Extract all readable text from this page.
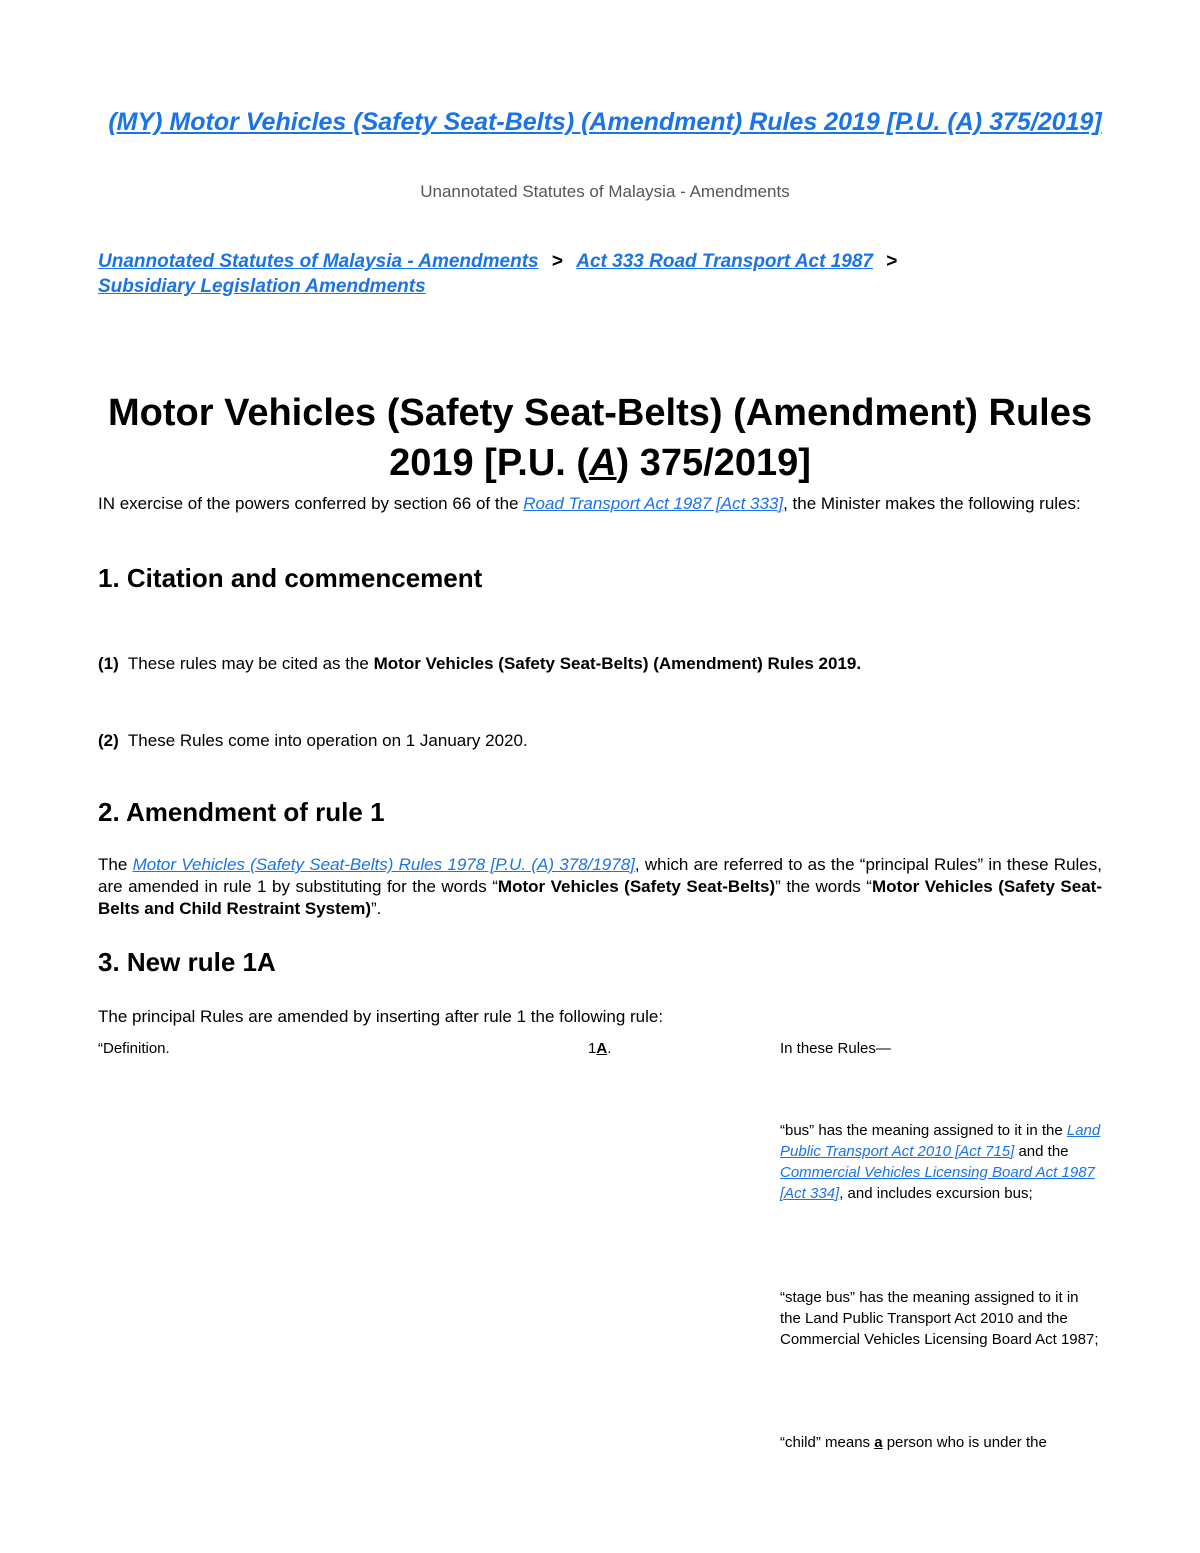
(MY) Motor Vehicles (Safety Seat-Belts) (Amendment) Rules 2019 [P.U. (A) 375/2019]
Unannotated Statutes of Malaysia - Amendments
Unannotated Statutes of Malaysia - Amendments > Act 333 Road Transport Act 1987 >
Subsidiary Legislation Amendments
Motor Vehicles (Safety Seat-Belts) (Amendment) Rules 2019 [P.U. (A) 375/2019]
IN exercise of the powers conferred by section 66 of the Road Transport Act 1987 [Act 333], the Minister makes the following rules:
1. Citation and commencement
(1) These rules may be cited as the Motor Vehicles (Safety Seat-Belts) (Amendment) Rules 2019.
(2) These Rules come into operation on 1 January 2020.
2. Amendment of rule 1
The Motor Vehicles (Safety Seat-Belts) Rules 1978 [P.U. (A) 378/1978], which are referred to as the “principal Rules” in these Rules, are amended in rule 1 by substituting for the words “Motor Vehicles (Safety Seat-Belts)” the words “Motor Vehicles (Safety Seat-Belts and Child Restraint System)”.
3. New rule 1A
The principal Rules are amended by inserting after rule 1 the following rule:
“Definition.	1A.	In these Rules—
“bus” has the meaning assigned to it in the Land Public Transport Act 2010 [Act 715] and the Commercial Vehicles Licensing Board Act 1987 [Act 334], and includes excursion bus;
“stage bus” has the meaning assigned to it in the Land Public Transport Act 2010 and the Commercial Vehicles Licensing Board Act 1987;
“child” means a person who is under the
